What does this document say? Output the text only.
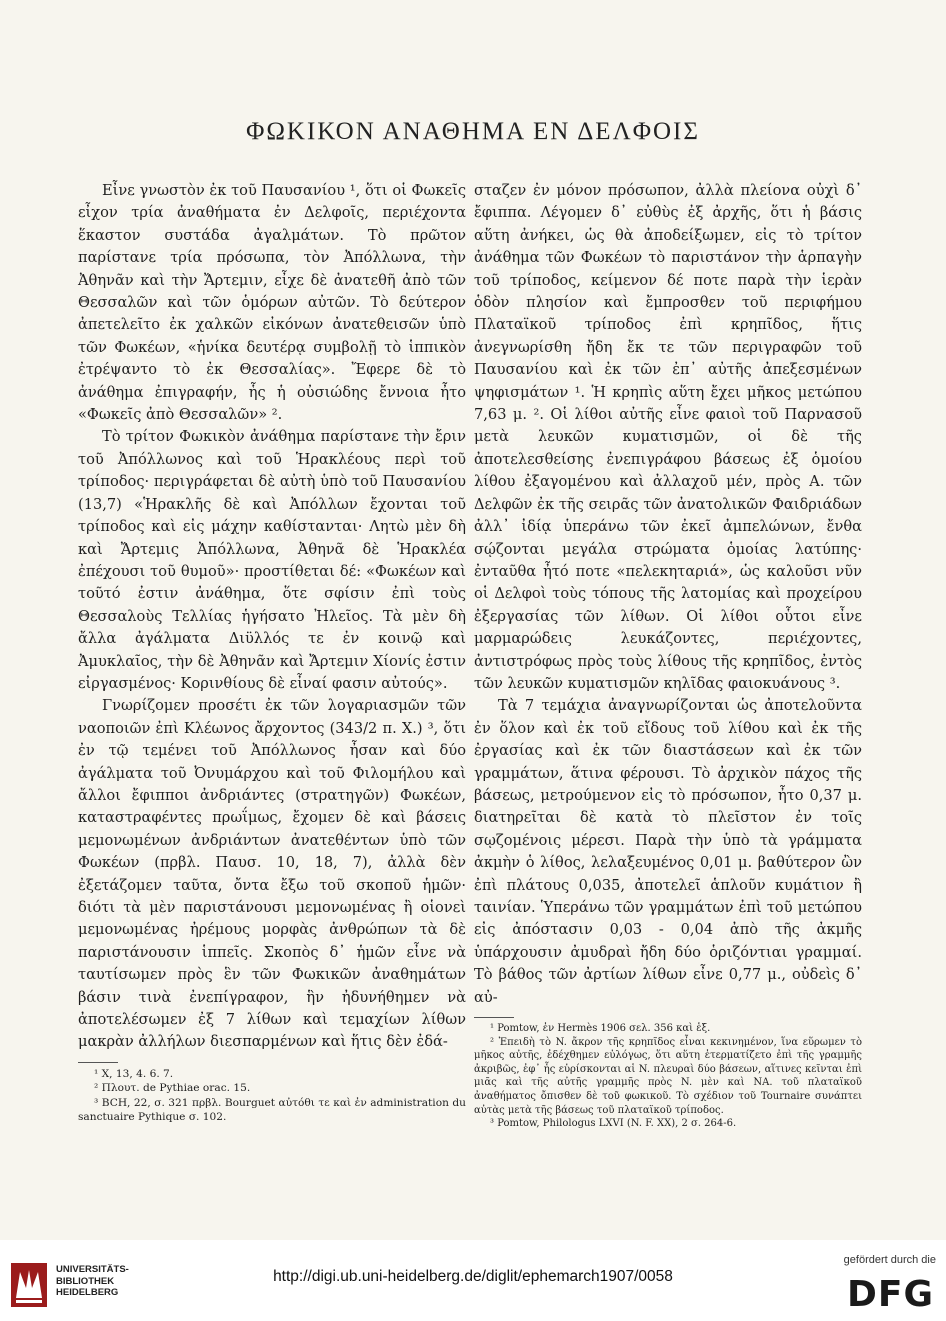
ΦΩΚΙΚΟΝ ΑΝΑΘΗΜΑ ΕΝ ΔΕΛΦΟΙΣ

Εἶνε γνωστὸν ἐκ τοῦ Παυσανίου ¹, ὅτι οἱ Φωκεῖς εἶχον τρία ἀναθήματα ἐν Δελφοῖς, περιέχοντα ἕκαστον συστάδα ἀγαλμάτων. Τὸ πρῶτον παρίστανε τρία πρόσωπα, τὸν Ἀπόλλωνα, τὴν Ἀθηνᾶν καὶ τὴν Ἄρτεμιν, εἶχε δὲ ἀνατεθῆ ἀπὸ τῶν Θεσσαλῶν καὶ τῶν ὁμόρων αὐτῶν. Τὸ δεύτερον ἀπετελεῖτο ἐκ χαλκῶν εἰκόνων ἀνατεθεισῶν ὑπὸ τῶν Φωκέων, «ἡνίκα δευτέρᾳ συμβολῇ τὸ ἱππικὸν ἐτρέψαντο τὸ ἐκ Θεσσαλίας». Ἔφερε δὲ τὸ ἀνάθημα ἐπιγραφήν, ἧς ἡ οὐσιώδης ἔννοια ἦτο «Φωκεῖς ἀπὸ Θεσσαλῶν» ².

Τὸ τρίτον Φωκικὸν ἀνάθημα παρίστανε τὴν ἔριν τοῦ Ἀπόλλωνος καὶ τοῦ Ἡρακλέους περὶ τοῦ τρίποδος· περιγράφεται δὲ αὐτὴ ὑπὸ τοῦ Παυσανίου (13,7) «Ἡρακλῆς δὲ καὶ Ἀπόλλων ἔχονται τοῦ τρίποδος καὶ εἰς μάχην καθίστανται· Λητὼ μὲν δὴ καὶ Ἄρτεμις Ἀπόλλωνα, Ἀθηνᾶ δὲ Ἡρακλέα ἐπέχουσι τοῦ θυμοῦ»· προστίθεται δέ: «Φωκέων καὶ τοῦτό ἐστιν ἀνάθημα, ὅτε σφίσιν ἐπὶ τοὺς Θεσσαλοὺς Τελλίας ἡγήσατο Ἠλεῖος. Τὰ μὲν δὴ ἄλλα ἀγάλματα Διϋλλός τε ἐν κοινῷ καὶ Ἀμυκλαῖος, τὴν δὲ Ἀθηνᾶν καὶ Ἄρτεμιν Χίονίς ἐστιν εἰργασμένος· Κορινθίους δὲ εἶναί φασιν αὐτούς».

Γνωρίζομεν προσέτι ἐκ τῶν λογαριασμῶν τῶν ναοποιῶν ἐπὶ Κλέωνος ἄρχοντος (343/2 π. Χ.) ³, ὅτι ἐν τῷ τεμένει τοῦ Ἀπόλλωνος ἦσαν καὶ δύο ἀγάλματα τοῦ Ὀνυμάρχου καὶ τοῦ Φιλομήλου καὶ ἄλλοι ἔφιπποι ἀνδριάντες (στρατηγῶν) Φωκέων, καταστραφέντες πρωΐμως, ἔχομεν δὲ καὶ βάσεις μεμονωμένων ἀνδριάντων ἀνατεθέντων ὑπὸ τῶν Φωκέων (πρβλ. Παυσ. 10, 18, 7), ἀλλὰ δὲν ἐξετάζομεν ταῦτα, ὄντα ἔξω τοῦ σκοποῦ ἡμῶν· διότι τὰ μὲν παριστάνουσι μεμονωμένας ἢ οἱονεὶ μεμονωμένας ἠρέμους μορφὰς ἀνθρώπων τὰ δὲ παριστάνουσιν ἱππεῖς. Σκοπὸς δ᾽ ἡμῶν εἶνε νὰ ταυτίσωμεν πρὸς ἓν τῶν Φωκικῶν ἀναθημάτων βάσιν τινὰ ἐνεπίγραφον, ἣν ἠδυνήθημεν νὰ ἀποτελέσωμεν ἐξ 7 λίθων καὶ τεμαχίων λίθων μακρὰν ἀλλήλων διεσπαρμένων καὶ ἥτις δὲν ἐδά-

¹ X, 13, 4. 6. 7.
² Πλουτ. de Pythiae orac. 15.
³ BCH, 22, σ. 321 πρβλ. Bourguet αὐτόθι τε καὶ ἐν administration du sanctuaire Pythique σ. 102.

σταζεν ἐν μόνον πρόσωπον, ἀλλὰ πλείονα οὐχὶ δ᾽ ἔφιππα. Λέγομεν δ᾽ εὐθὺς ἐξ ἀρχῆς, ὅτι ἡ βάσις αὕτη ἀνήκει, ὡς θὰ ἀποδείξωμεν, εἰς τὸ τρίτον ἀνάθημα τῶν Φωκέων τὸ παριστάνον τὴν ἁρπαγὴν τοῦ τρίποδος, κείμενον δέ ποτε παρὰ τὴν ἱερὰν ὁδὸν πλησίον καὶ ἔμπροσθεν τοῦ περιφήμου Πλαταϊκοῦ τρίποδος ἐπὶ κρηπῖδος, ἥτις ἀνεγνωρίσθη ἤδη ἔκ τε τῶν περιγραφῶν τοῦ Παυσανίου καὶ ἐκ τῶν ἐπ᾽ αὐτῆς ἀπεξεσμένων ψηφισμάτων ¹. Ἡ κρηπὶς αὕτη ἔχει μῆκος μετώπου 7,63 μ. ². Οἱ λίθοι αὐτῆς εἶνε φαιοὶ τοῦ Παρνασοῦ μετὰ λευκῶν κυματισμῶν, οἱ δὲ τῆς ἀποτελεσθείσης ἐνεπιγράφου βάσεως ἐξ ὁμοίου λίθου ἐξαγομένου καὶ ἀλλαχοῦ μέν, πρὸς Α. τῶν Δελφῶν ἐκ τῆς σειρᾶς τῶν ἀνατολικῶν Φαιδριάδων ἀλλ᾽ ἰδίᾳ ὑπεράνω τῶν ἐκεῖ ἀμπελώνων, ἔνθα σῴζονται μεγάλα στρώματα ὁμοίας λατύπης· ἐνταῦθα ἦτό ποτε «πελεκηταριά», ὡς καλοῦσι νῦν οἱ Δελφοὶ τοὺς τόπους τῆς λατομίας καὶ προχείρου ἐξεργασίας τῶν λίθων. Οἱ λίθοι οὗτοι εἶνε μαρμαρώδεις λευκάζοντες, περιέχοντες, ἀντιστρόφως πρὸς τοὺς λίθους τῆς κρηπῖδος, ἐντὸς τῶν λευκῶν κυματισμῶν κηλῖδας φαιοκυάνους ³.

Τὰ 7 τεμάχια ἀναγνωρίζονται ὡς ἀποτελοῦντα ἐν ὅλον καὶ ἐκ τοῦ εἴδους τοῦ λίθου καὶ ἐκ τῆς ἐργασίας καὶ ἐκ τῶν διαστάσεων καὶ ἐκ τῶν γραμμάτων, ἅτινα φέρουσι. Τὸ ἀρχικὸν πάχος τῆς βάσεως, μετρούμενον εἰς τὸ πρόσωπον, ἦτο 0,37 μ. διατηρεῖται δὲ κατὰ τὸ πλεῖστον ἐν τοῖς σῳζομένοις μέρεσι. Παρὰ τὴν ὑπὸ τὰ γράμματα ἀκμὴν ὁ λίθος, λελαξευμένος 0,01 μ. βαθύτερον ὢν ἐπὶ πλάτους 0,035, ἀποτελεῖ ἁπλοῦν κυμάτιον ἢ ταινίαν. Ὑπεράνω τῶν γραμμάτων ἐπὶ τοῦ μετώπου εἰς ἀπόστασιν 0,03 - 0,04 ἀπὸ τῆς ἀκμῆς ὑπάρχουσιν ἀμυδραὶ ἤδη δύο ὁριζόντιαι γραμμαί. Τὸ βάθος τῶν ἀρτίων λίθων εἶνε 0,77 μ., οὐδεὶς δ᾽ αὐ-

¹ Pomtow, ἐν Hermès 1906 σελ. 356 καὶ ἑξ.
² Ἐπειδὴ τὸ N. ἄκρον τῆς κρηπῖδος εἶναι κεκινημένον, ἵνα εὕρωμεν τὸ μῆκος αὐτῆς, ἐδέχθημεν εὐλόγως, ὅτι αὕτη ἐτερματίζετο ἐπὶ τῆς γραμμῆς ἀκριβῶς, ἐφ᾽ ἧς εὑρίσκονται αἱ N. πλευραὶ δύο βάσεων, αἵτινες κεῖνται ἐπὶ μιᾶς καὶ τῆς αὐτῆς γραμμῆς πρὸς N. μὲν καὶ NA. τοῦ πλαταϊκοῦ ἀναθήματος ὄπισθεν δὲ τοῦ φωκικοῦ. Τὸ σχέδιον τοῦ Tournaire συνάπτει αὐτὰς μετὰ τῆς βάσεως τοῦ πλαταϊκοῦ τρίποδος.
³ Pomtow, Philologus LXVI (N. F. XX), 2 σ. 264-6.
UNIVERSITÄTS-
BIBLIOTHEK
HEIDELBERG
http://digi.ub.uni-heidelberg.de/diglit/ephemarch1907/0058
gefördert durch die
DFG
